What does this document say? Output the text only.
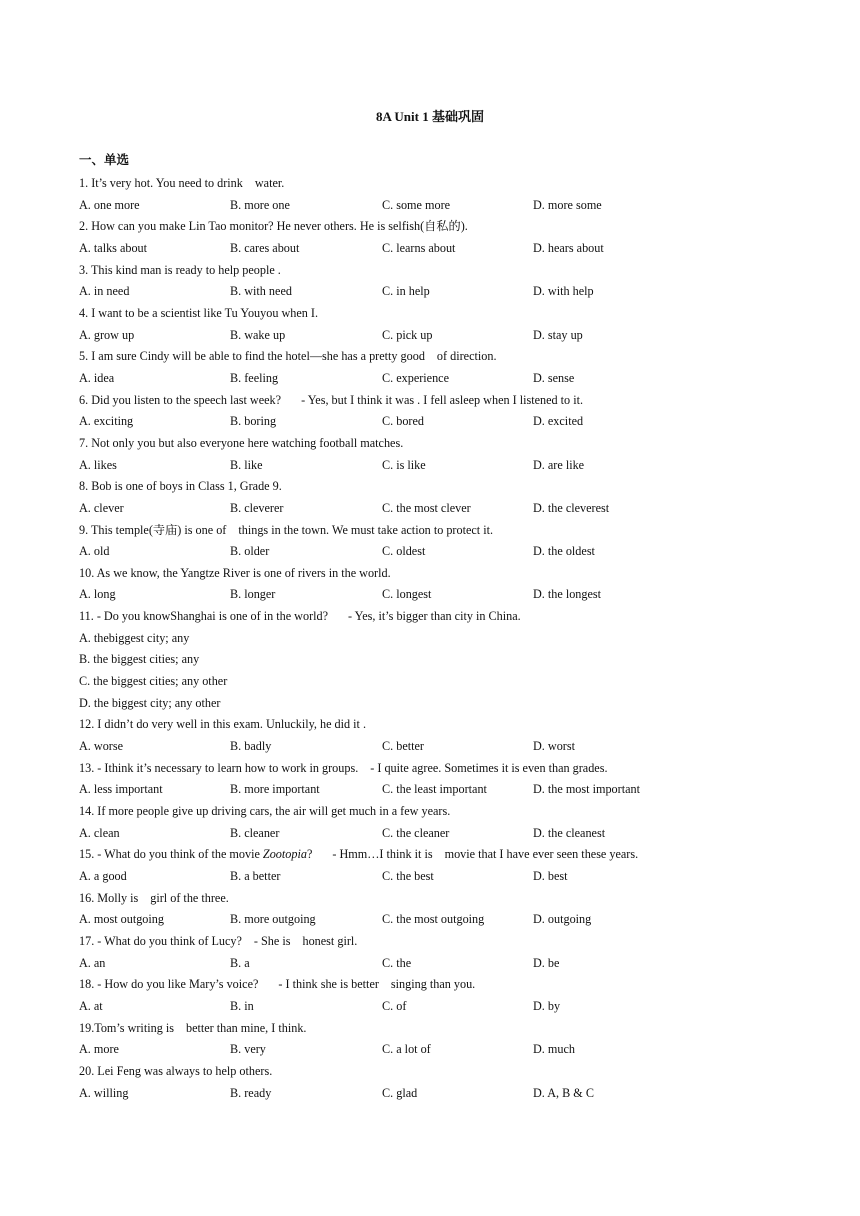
8A Unit 1 基础巩固
一、单选
1. It’s very hot. You need to drink water.
A. one more	B. more one	C. some more	D. more some
2. How can you make Lin Tao monitor? He never others. He is selfish(自私的).
A. talks about	B. cares about	C. learns about	D. hears about
3. This kind man is ready to help people .
A. in need	B. with need	C. in help	D. with help
4. I want to be a scientist like Tu Youyou when I.
A. grow up	B. wake up	C. pick up	D. stay up
5. I am sure Cindy will be able to find the hotel—she has a pretty good of direction.
A. idea	B. feeling	C. experience	D. sense
6. Did you listen to the speech last week? - Yes, but I think it was . I fell asleep when I listened to it.
A. exciting	B. boring	C. bored	D. excited
7. Not only you but also everyone here watching football matches.
A. likes	B. like	C. is like	D. are like
8. Bob is one of boys in Class 1, Grade 9.
A. clever	B. cleverer	C. the most clever	D. the cleverest
9. This temple(寺庙) is one of things in the town. We must take action to protect it.
A. old	B. older	C. oldest	D. the oldest
10. As we know, the Yangtze River is one of rivers in the world.
A. long	B. longer	C. longest	D. the longest
11. - Do you knowShanghai is one of in the world? - Yes, it’s bigger than city in China.
A. thebiggest city; any
B. the biggest cities; any
C. the biggest cities; any other
D. the biggest city; any other
12. I didn’t do very well in this exam. Unluckily, he did it .
A. worse	B. badly	C. better	D. worst
13. - Ithink it’s necessary to learn how to work in groups. - I quite agree. Sometimes it is even than grades.
A. less important	B. more important	C. the least important	D. the most important
14. If more people give up driving cars, the air will get much in a few years.
A. clean	B. cleaner	C. the cleaner	D. the cleanest
15. - What do you think of the movie Zootopia? - Hmm…I think it is movie that I have ever seen these years.
A. a good	B. a better	C. the best	D. best
16. Molly is girl of the three.
A. most outgoing	B. more outgoing	C. the most outgoing	D. outgoing
17. - What do you think of Lucy? - She is honest girl.
A. an	B. a	C. the	D. be
18. - How do you like Mary’s voice? - I think she is better singing than you.
A. at	B. in	C. of	D. by
19.Tom’s writing is better than mine, I think.
A. more	B. very	C. a lot of	D. much
20. Lei Feng was always to help others.
A. willing	B. ready	C. glad	D. A, B & C
